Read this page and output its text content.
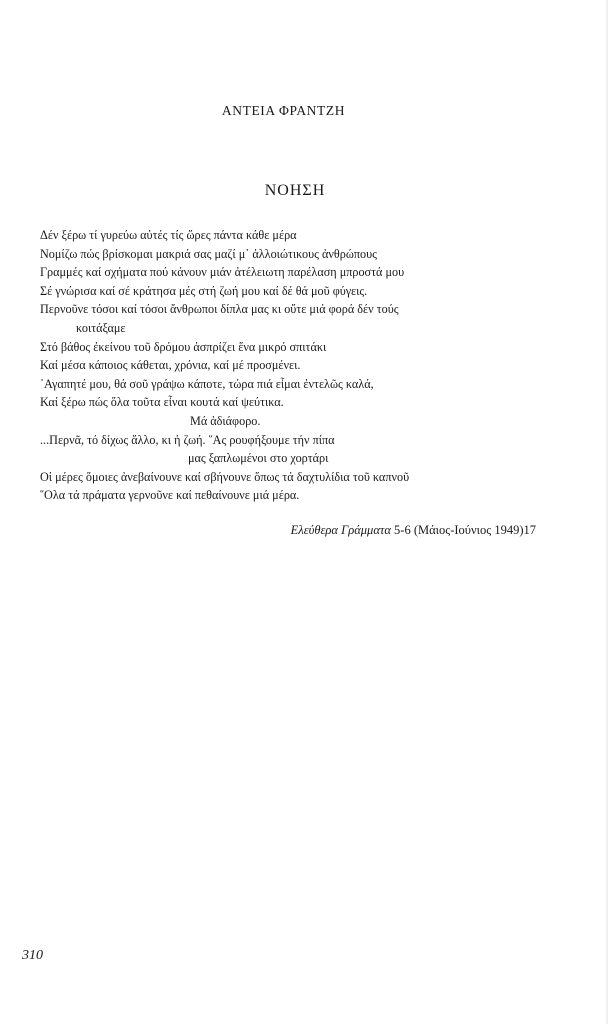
ΑΝΤΕΙΑ ΦΡΑΝΤΖΗ
ΝΟΗΣΗ
Δέν ξέρω τί γυρεύω αὐτές τίς ὥρες πάντα κάθε μέρα
Νομίζω πώς βρίσκομαι μακριά σας μαζί μ᾽ ἀλλοιώτικους ἀνθρώπους
Γραμμές καί σχήματα πού κάνουν μιάν ἀτέλειωτη παρέλαση μπροστά μου
Σέ γνώρισα καί σέ κράτησα μές στή ζωή μου καί δέ θά μοῦ φύγεις.
Περνοῦνε τόσοι καί τόσοι ἄνθρωποι δίπλα μας κι οὔτε μιά φορά δέν τούς
κοιτάξαμε
Στό βάθος ἐκείνου τοῦ δρόμου ἀσπρίζει ἕνα μικρό σπιτάκι
Καί μέσα κάποιος κάθεται, χρόνια, καί μέ προσμένει.
᾽Αγαπητέ μου, θά σοῦ γράψω κάποτε, τώρα πιά εἶμαι ἐντελῶς καλά,
Καί ξέρω πώς ὅλα τοῦτα εἶναι κουτά καί ψεύτικα.
Μά ἀδιάφορο.
...Περνᾶ, τό δίχως ἄλλο, κι ἡ ζωή. ῞Ας ρουφήξουμε τήν πίπα
μας ξαπλωμένοι στο χορτάρι
Οἱ μέρες ὅμοιες ἀνεβαίνουνε καί σβήνουνε ὅπως τά δαχτυλίδια τοῦ καπνοῦ
῞Ολα τά πράματα γερνοῦνε καί πεθαίνουνε μιά μέρα.
Ελεύθερα Γράμματα 5-6 (Μάιος-Ιούνιος 1949)17
310
